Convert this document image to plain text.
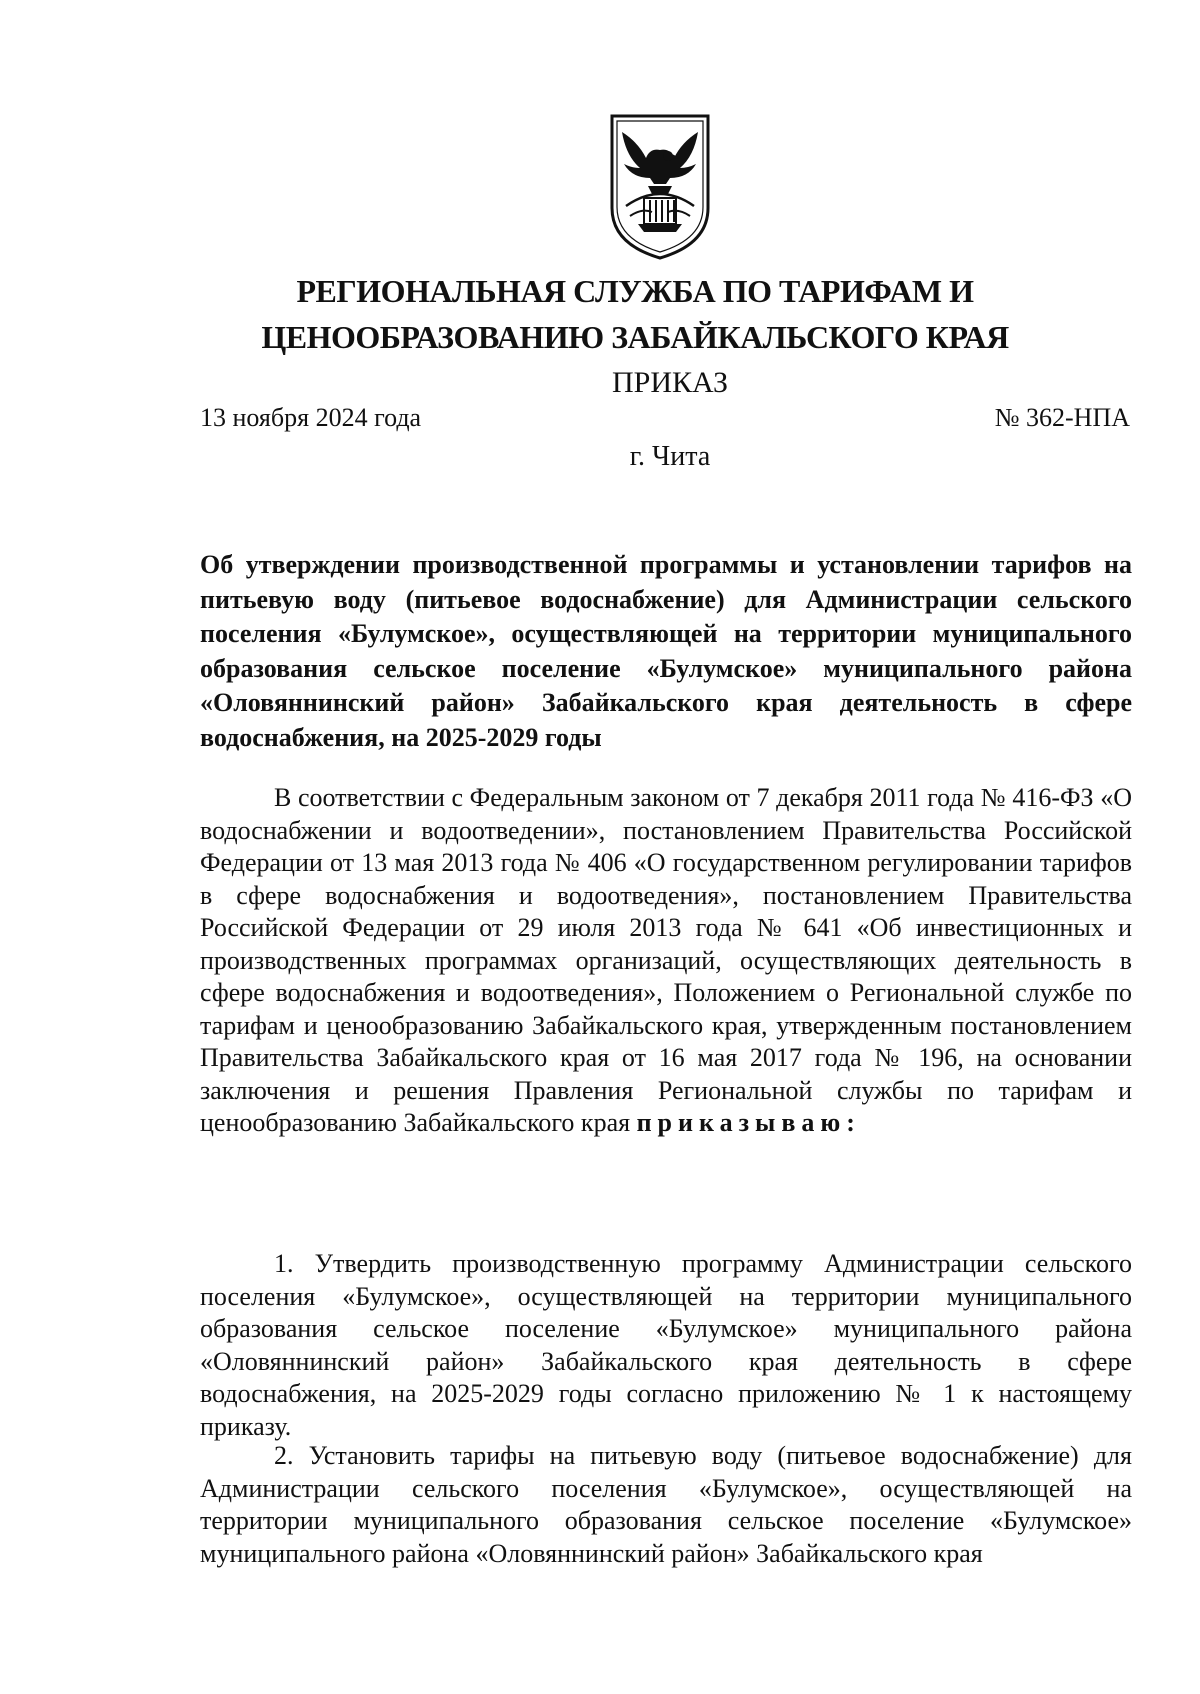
РЕГИОНАЛЬНАЯ СЛУЖБА ПО ТАРИФАМ И
ЦЕНООБРАЗОВАНИЮ ЗАБАЙКАЛЬСКОГО КРАЯ
ПРИКАЗ
13 ноября 2024 года	№ 362-НПА
г. Чита
Об утверждении производственной программы и установлении тарифов на питьевую воду (питьевое водоснабжение) для Администрации сельского поселения «Булумское», осуществляющей на территории муниципального образования сельское поселение «Булумское» муниципального района «Оловяннинский район» Забайкальского края деятельность в сфере водоснабжения, на 2025-2029 годы
В соответствии с Федеральным законом от 7 декабря 2011 года № 416-ФЗ «О водоснабжении и водоотведении», постановлением Правительства Российской Федерации от 13 мая 2013 года № 406 «О государственном регулировании тарифов в сфере водоснабжения и водоотведения», постановлением Правительства Российской Федерации от 29 июля 2013 года № 641 «Об инвестиционных и производственных программах организаций, осуществляющих деятельность в сфере водоснабжения и водоотведения», Положением о Региональной службе по тарифам и ценообразованию Забайкальского края, утвержденным постановлением Правительства Забайкальского края от 16 мая 2017 года № 196, на основании заключения и решения Правления Региональной службы по тарифам и ценообразованию Забайкальского края приказываю:
1. Утвердить производственную программу Администрации сельского поселения «Булумское», осуществляющей на территории муниципального образования сельское поселение «Булумское» муниципального района «Оловяннинский район» Забайкальского края деятельность в сфере водоснабжения, на 2025-2029 годы согласно приложению № 1 к настоящему приказу.
2. Установить тарифы на питьевую воду (питьевое водоснабжение) для Администрации сельского поселения «Булумское», осуществляющей на территории муниципального образования сельское поселение «Булумское» муниципального района «Оловяннинский район» Забайкальского края
